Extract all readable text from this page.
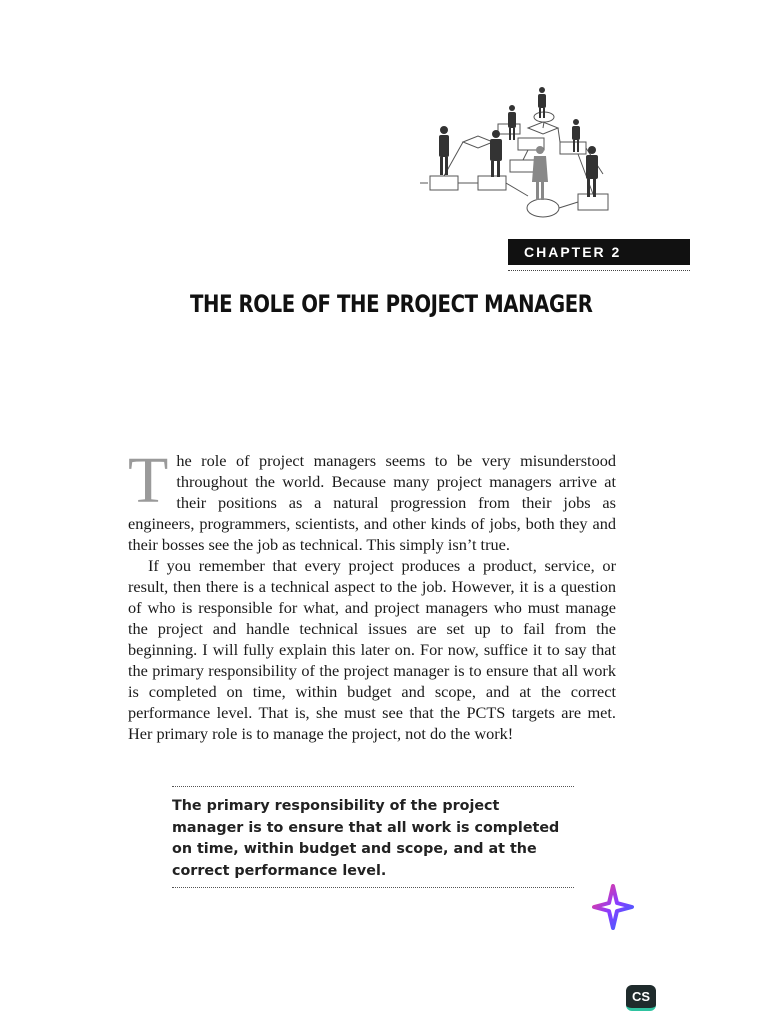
CHAPTER 2
THE ROLE OF THE PROJECT MANAGER

The role of project managers seems to be very misunderstood throughout the world. Because many project managers arrive at their positions as a natural progression from their jobs as engineers, programmers, scientists, and other kinds of jobs, both they and their bosses see the job as technical. This simply isn’t true.

If you remember that every project produces a product, service, or result, then there is a technical aspect to the job. However, it is a question of who is responsible for what, and project managers who must manage the project and handle technical issues are set up to fail from the beginning. I will fully explain this later on. For now, suffice it to say that the primary responsibility of the project manager is to ensure that all work is completed on time, within budget and scope, and at the correct performance level. That is, she must see that the PCTS targets are met. Her primary role is to manage the project, not do the work!

The primary responsibility of the project manager is to ensure that all work is completed on time, within budget and scope, and at the correct performance level.
CS
